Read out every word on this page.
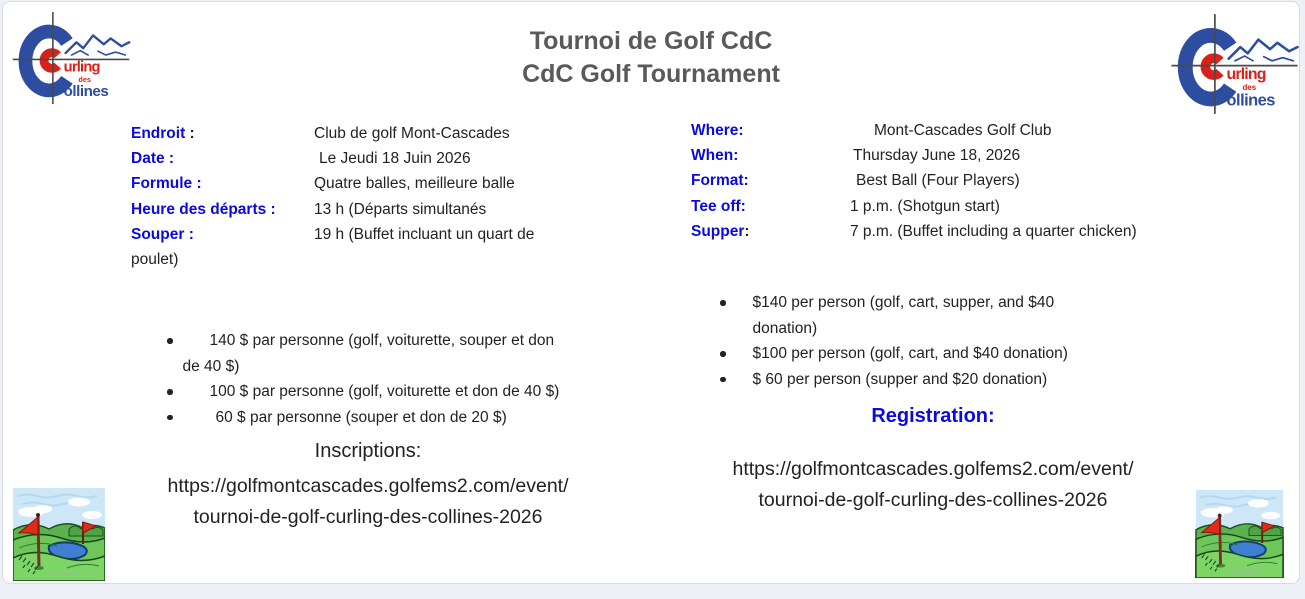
Tournoi de Golf CdC
CdC Golf Tournament
Endroit :	Club de golf Mont-Cascades
Date :	Le Jeudi 18 Juin 2026
Formule :	Quatre balles, meilleure balle
Heure des départs :	13 h (Départs simultanés
Souper :	19 h (Buffet incluant un quart de
poulet)
Where:	Mont-Cascades Golf Club
When:	Thursday June 18, 2026
Format:	Best Ball (Four Players)
Tee off:	1 p.m. (Shotgun start)
Supper:	7 p.m. (Buffet including a quarter chicken)
140 $ par personne (golf, voiturette, souper et don de 40 $)
100 $ par personne (golf, voiturette et don de 40 $)
60 $ par personne (souper et don de 20 $)
$140 per person (golf, cart, supper, and $40 donation)
$100 per person (golf, cart, and $40 donation)
$ 60 per person (supper and $20 donation)
Inscriptions:
https://golfmontcascades.golfems2.com/event/
tournoi-de-golf-curling-des-collines-2026
Registration:
https://golfmontcascades.golfems2.com/event/
tournoi-de-golf-curling-des-collines-2026
